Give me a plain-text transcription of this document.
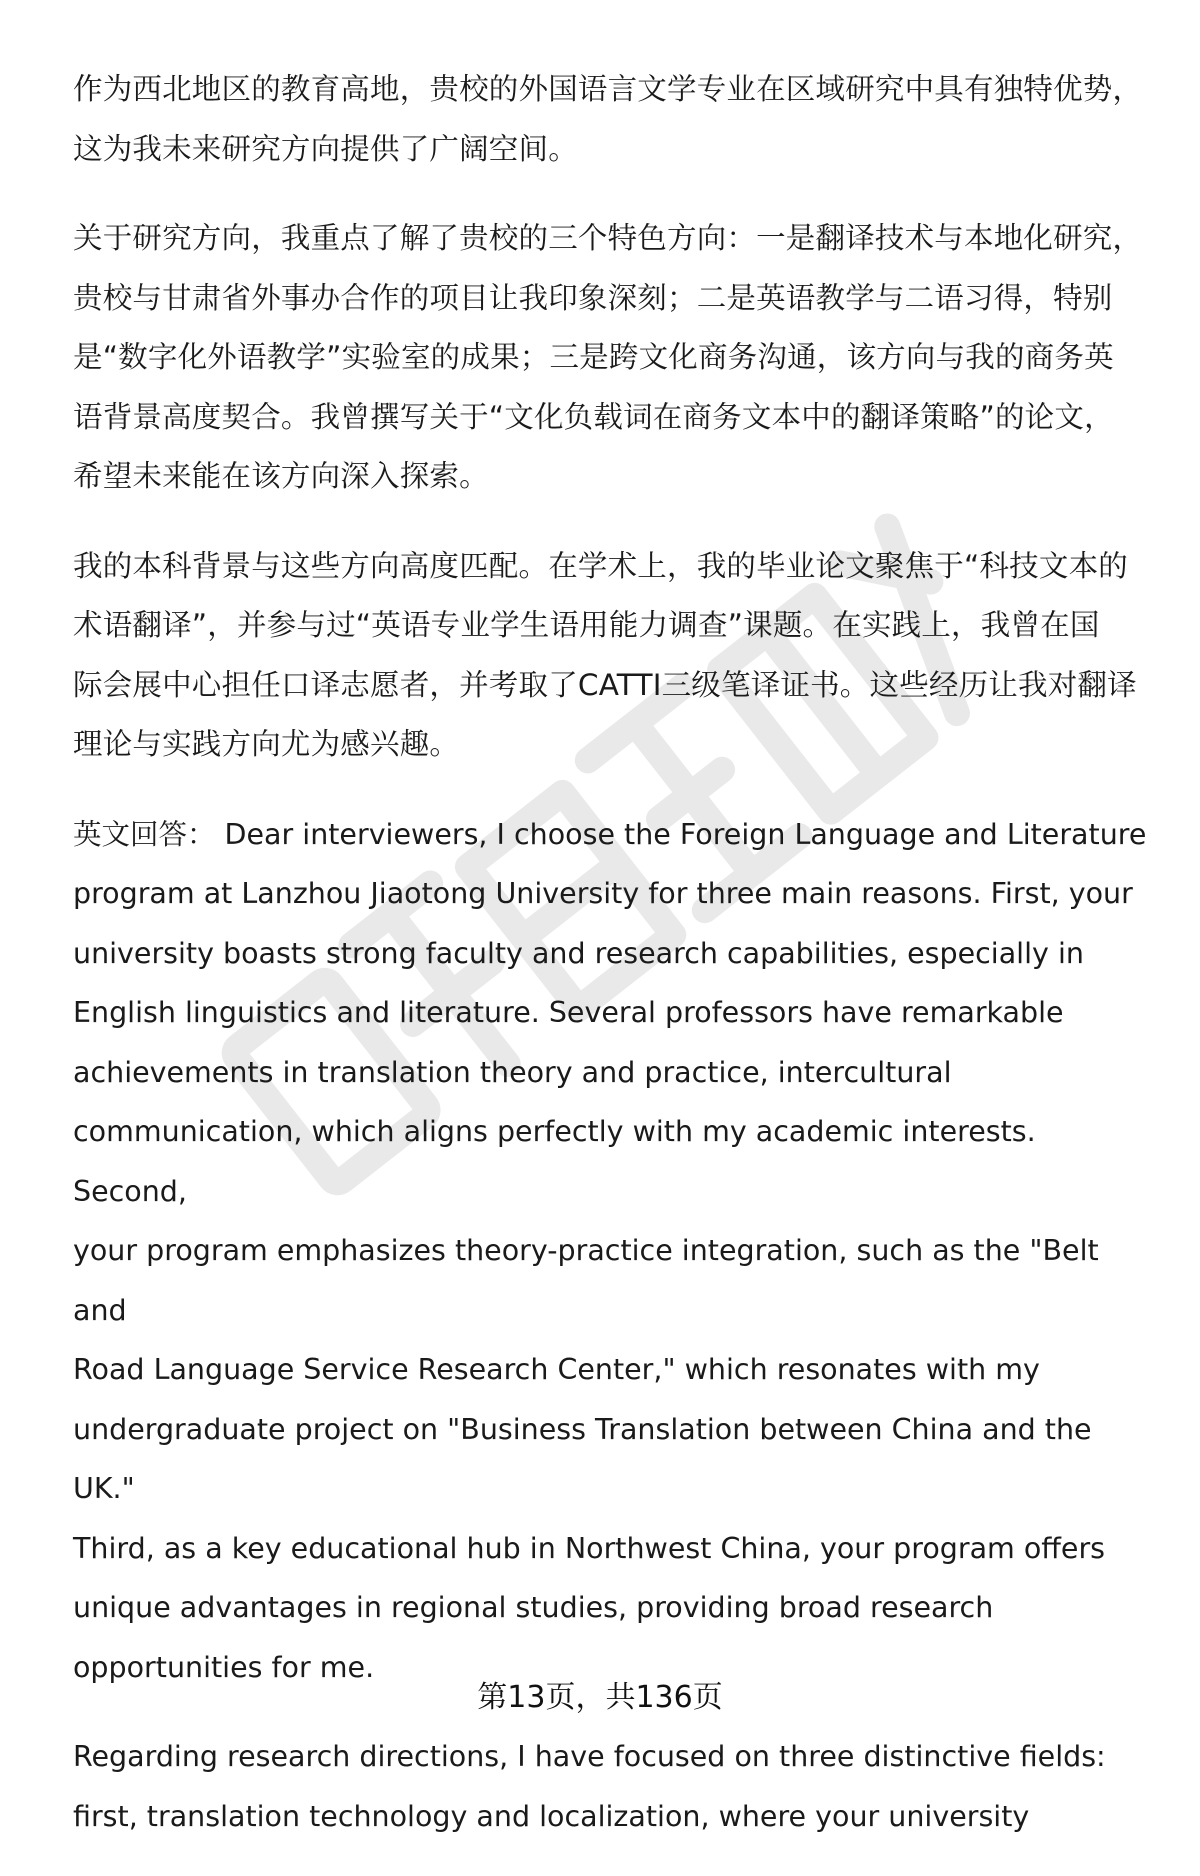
作为西北地区的教育高地，贵校的外国语言文学专业在区域研究中具有独特优势，
这为我未来研究方向提供了广阔空间。

关于研究方向，我重点了解了贵校的三个特色方向：一是翻译技术与本地化研究，
贵校与甘肃省外事办合作的项目让我印象深刻；二是英语教学与二语习得，特别
是“数字化外语教学”实验室的成果；三是跨文化商务沟通，该方向与我的商务英
语背景高度契合。我曾撰写关于“文化负载词在商务文本中的翻译策略”的论文，
希望未来能在该方向深入探索。

我的本科背景与这些方向高度匹配。在学术上，我的毕业论文聚焦于“科技文本的
术语翻译”，并参与过“英语专业学生语用能力调查”课题。在实践上，我曾在国
际会展中心担任口译志愿者，并考取了CATTI三级笔译证书。这些经历让我对翻译
理论与实践方向尤为感兴趣。

英文回答： Dear interviewers, I choose the Foreign Language and Literature
program at Lanzhou Jiaotong University for three main reasons. First, your
university boasts strong faculty and research capabilities, especially in
English linguistics and literature. Several professors have remarkable
achievements in translation theory and practice, intercultural
communication, which aligns perfectly with my academic interests. Second,
your program emphasizes theory-practice integration, such as the "Belt and
Road Language Service Research Center," which resonates with my
undergraduate project on "Business Translation between China and the UK."
Third, as a key educational hub in Northwest China, your program offers
unique advantages in regional studies, providing broad research
opportunities for me.

Regarding research directions, I have focused on three distinctive fields:
first, translation technology and localization, where your university

第13页，共136页
